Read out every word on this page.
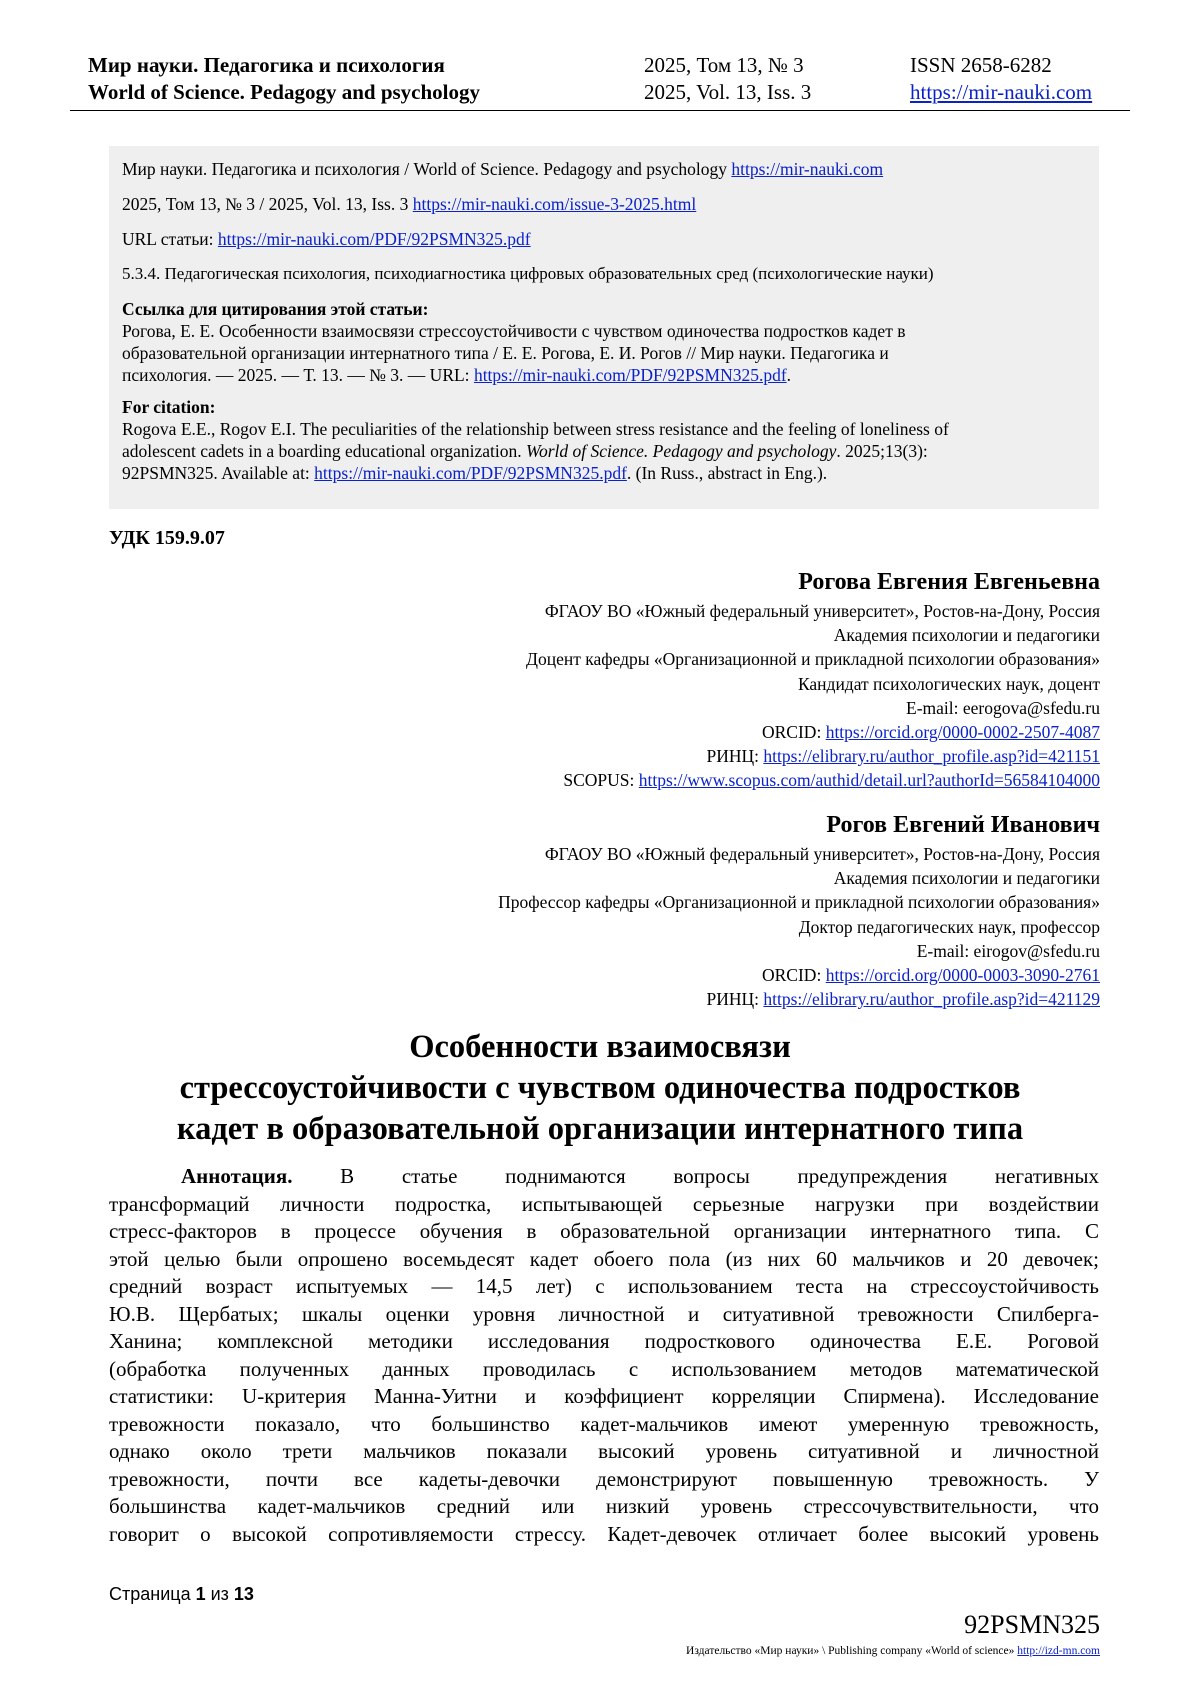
Мир науки. Педагогика и психология
World of Science. Pedagogy and psychology
2025, Том 13, № 3
2025, Vol. 13, Iss. 3
ISSN 2658-6282
https://mir-nauki.com

Мир науки. Педагогика и психология / World of Science. Pedagogy and psychology https://mir-nauki.com

2025, Том 13, № 3 / 2025, Vol. 13, Iss. 3 https://mir-nauki.com/issue-3-2025.html

URL статьи: https://mir-nauki.com/PDF/92PSMN325.pdf

5.3.4. Педагогическая психология, психодиагностика цифровых образовательных сред (психологические науки)

Ссылка для цитирования этой статьи:
Рогова, Е. Е. Особенности взаимосвязи стрессоустойчивости с чувством одиночества подростков кадет в
образовательной организации интернатного типа / Е. Е. Рогова, Е. И. Рогов // Мир науки. Педагогика и
психология. — 2025. — Т. 13. — № 3. — URL: https://mir-nauki.com/PDF/92PSMN325.pdf.
For citation:
Rogova E.E., Rogov E.I. The peculiarities of the relationship between stress resistance and the feeling of loneliness of
adolescent cadets in a boarding educational organization. World of Science. Pedagogy and psychology. 2025;13(3):
92PSMN325. Available at: https://mir-nauki.com/PDF/92PSMN325.pdf. (In Russ., abstract in Eng.).
УДК 159.9.07
Рогова Евгения Евгеньевна
ФГАОУ ВО «Южный федеральный университет», Ростов-на-Дону, Россия
Академия психологии и педагогики
Доцент кафедры «Организационной и прикладной психологии образования»
Кандидат психологических наук, доцент
E-mail: eerogova@sfedu.ru
ORCID: https://orcid.org/0000-0002-2507-4087
РИНЦ: https://elibrary.ru/author_profile.asp?id=421151
SCOPUS: https://www.scopus.com/authid/detail.url?authorId=56584104000
Рогов Евгений Иванович
ФГАОУ ВО «Южный федеральный университет», Ростов-на-Дону, Россия
Академия психологии и педагогики
Профессор кафедры «Организационной и прикладной психологии образования»
Доктор педагогических наук, профессор
E-mail: eirogov@sfedu.ru
ORCID: https://orcid.org/0000-0003-3090-2761
РИНЦ: https://elibrary.ru/author_profile.asp?id=421129
Особенности взаимосвязи
стрессоустойчивости с чувством одиночества подростков
кадет в образовательной организации интернатного типа
Аннотация. В статье поднимаются вопросы предупреждения негативных
трансформаций личности подростка, испытывающей серьезные нагрузки при воздействии
стресс-факторов в процессе обучения в образовательной организации интернатного типа. С
этой целью были опрошено восемьдесят кадет обоего пола (из них 60 мальчиков и 20 девочек;
средний возраст испытуемых — 14,5 лет) с использованием теста на стрессоустойчивость
Ю.В. Щербатых; шкалы оценки уровня личностной и ситуативной тревожности Спилберга-
Ханина; комплексной методики исследования подросткового одиночества Е.Е. Роговой
(обработка полученных данных проводилась с использованием методов математической
статистики: U-критерия Манна-Уитни и коэффициент корреляции Спирмена). Исследование
тревожности показало, что большинство кадет-мальчиков имеют умеренную тревожность,
однако около трети мальчиков показали высокий уровень ситуативной и личностной
тревожности, почти все кадеты-девочки демонстрируют повышенную тревожность. У
большинства кадет-мальчиков средний или низкий уровень стрессочувствительности, что
говорит о высокой сопротивляемости стрессу. Кадет-девочек отличает более высокий уровень
Страница 1 из 13
92PSMN325
Издательство «Мир науки» \ Publishing company «World of science» http://izd-mn.com
